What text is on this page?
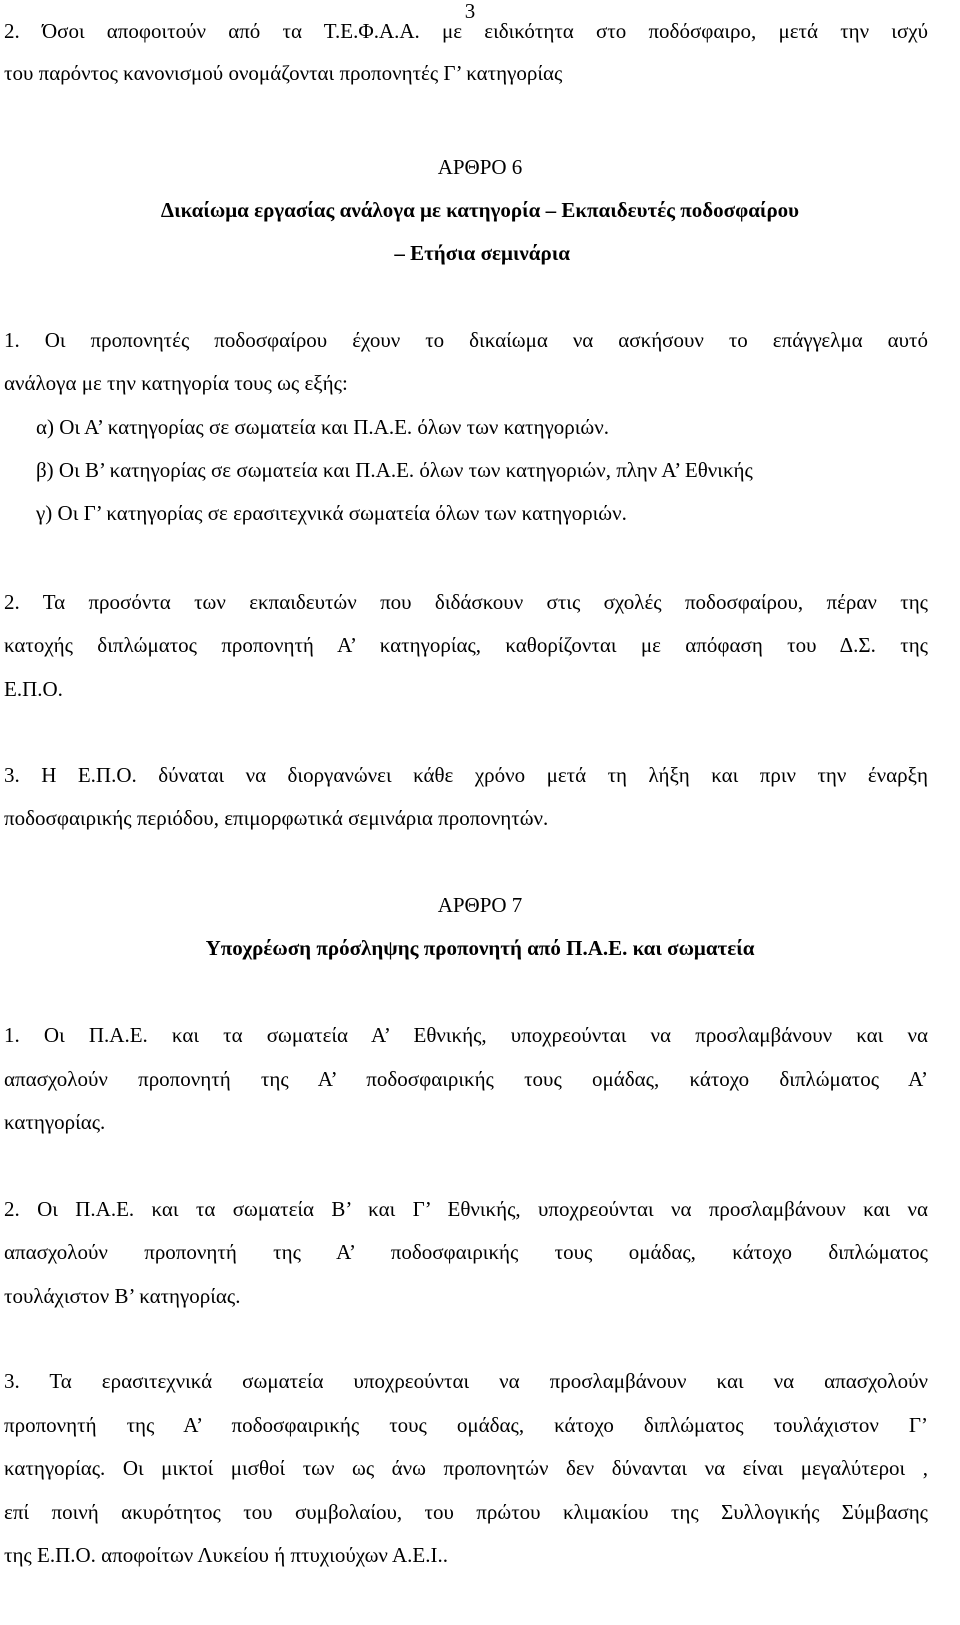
3
2. Όσοι αποφοιτούν από τα Τ.Ε.Φ.Α.Α. με ειδικότητα στο ποδόσφαιρο, μετά την ισχύ
του παρόντος κανονισμού ονομάζονται προπονητές Γ’ κατηγορίας
ΑΡΘΡΟ 6
Δικαίωμα εργασίας ανάλογα με κατηγορία – Εκπαιδευτές ποδοσφαίρου
– Ετήσια σεμινάρια
1. Οι προπονητές ποδοσφαίρου έχουν το δικαίωμα να ασκήσουν το επάγγελμα αυτό
ανάλογα με την κατηγορία τους ως εξής:
α) Οι Α’ κατηγορίας σε σωματεία και Π.Α.Ε. όλων των κατηγοριών.
β) Οι Β’ κατηγορίας σε σωματεία και Π.Α.Ε. όλων των κατηγοριών, πλην Α’ Εθνικής
γ) Οι Γ’ κατηγορίας σε ερασιτεχνικά σωματεία όλων των κατηγοριών.
2. Τα προσόντα των εκπαιδευτών που διδάσκουν στις σχολές ποδοσφαίρου, πέραν της
κατοχής διπλώματος προπονητή Α’ κατηγορίας, καθορίζονται με απόφαση του Δ.Σ. της
Ε.Π.Ο.
3. Η Ε.Π.Ο. δύναται να διοργανώνει κάθε χρόνο μετά τη λήξη και πριν την έναρξη
ποδοσφαιρικής περιόδου, επιμορφωτικά σεμινάρια προπονητών.
ΑΡΘΡΟ 7
Υποχρέωση πρόσληψης προπονητή από Π.Α.Ε. και σωματεία
1. Οι Π.Α.Ε. και τα σωματεία Α’ Εθνικής, υποχρεούνται να προσλαμβάνουν και να
απασχολούν προπονητή της Α’ ποδοσφαιρικής τους ομάδας, κάτοχο διπλώματος Α’
κατηγορίας.
2. Οι Π.Α.Ε. και τα σωματεία Β’ και Γ’ Εθνικής, υποχρεούνται να προσλαμβάνουν και να
απασχολούν προπονητή της Α’ ποδοσφαιρικής τους ομάδας, κάτοχο διπλώματος
τουλάχιστον Β’ κατηγορίας.
3. Τα ερασιτεχνικά σωματεία υποχρεούνται να προσλαμβάνουν και να απασχολούν
προπονητή της Α’ ποδοσφαιρικής τους ομάδας, κάτοχο διπλώματος τουλάχιστον Γ’
κατηγορίας. Οι μικτοί μισθοί των ως άνω προπονητών δεν δύνανται να είναι μεγαλύτεροι ,
επί ποινή ακυρότητος του συμβολαίου, του πρώτου κλιμακίου της Συλλογικής Σύμβασης
της Ε.Π.Ο. αποφοίτων Λυκείου ή πτυχιούχων Α.Ε.Ι..
